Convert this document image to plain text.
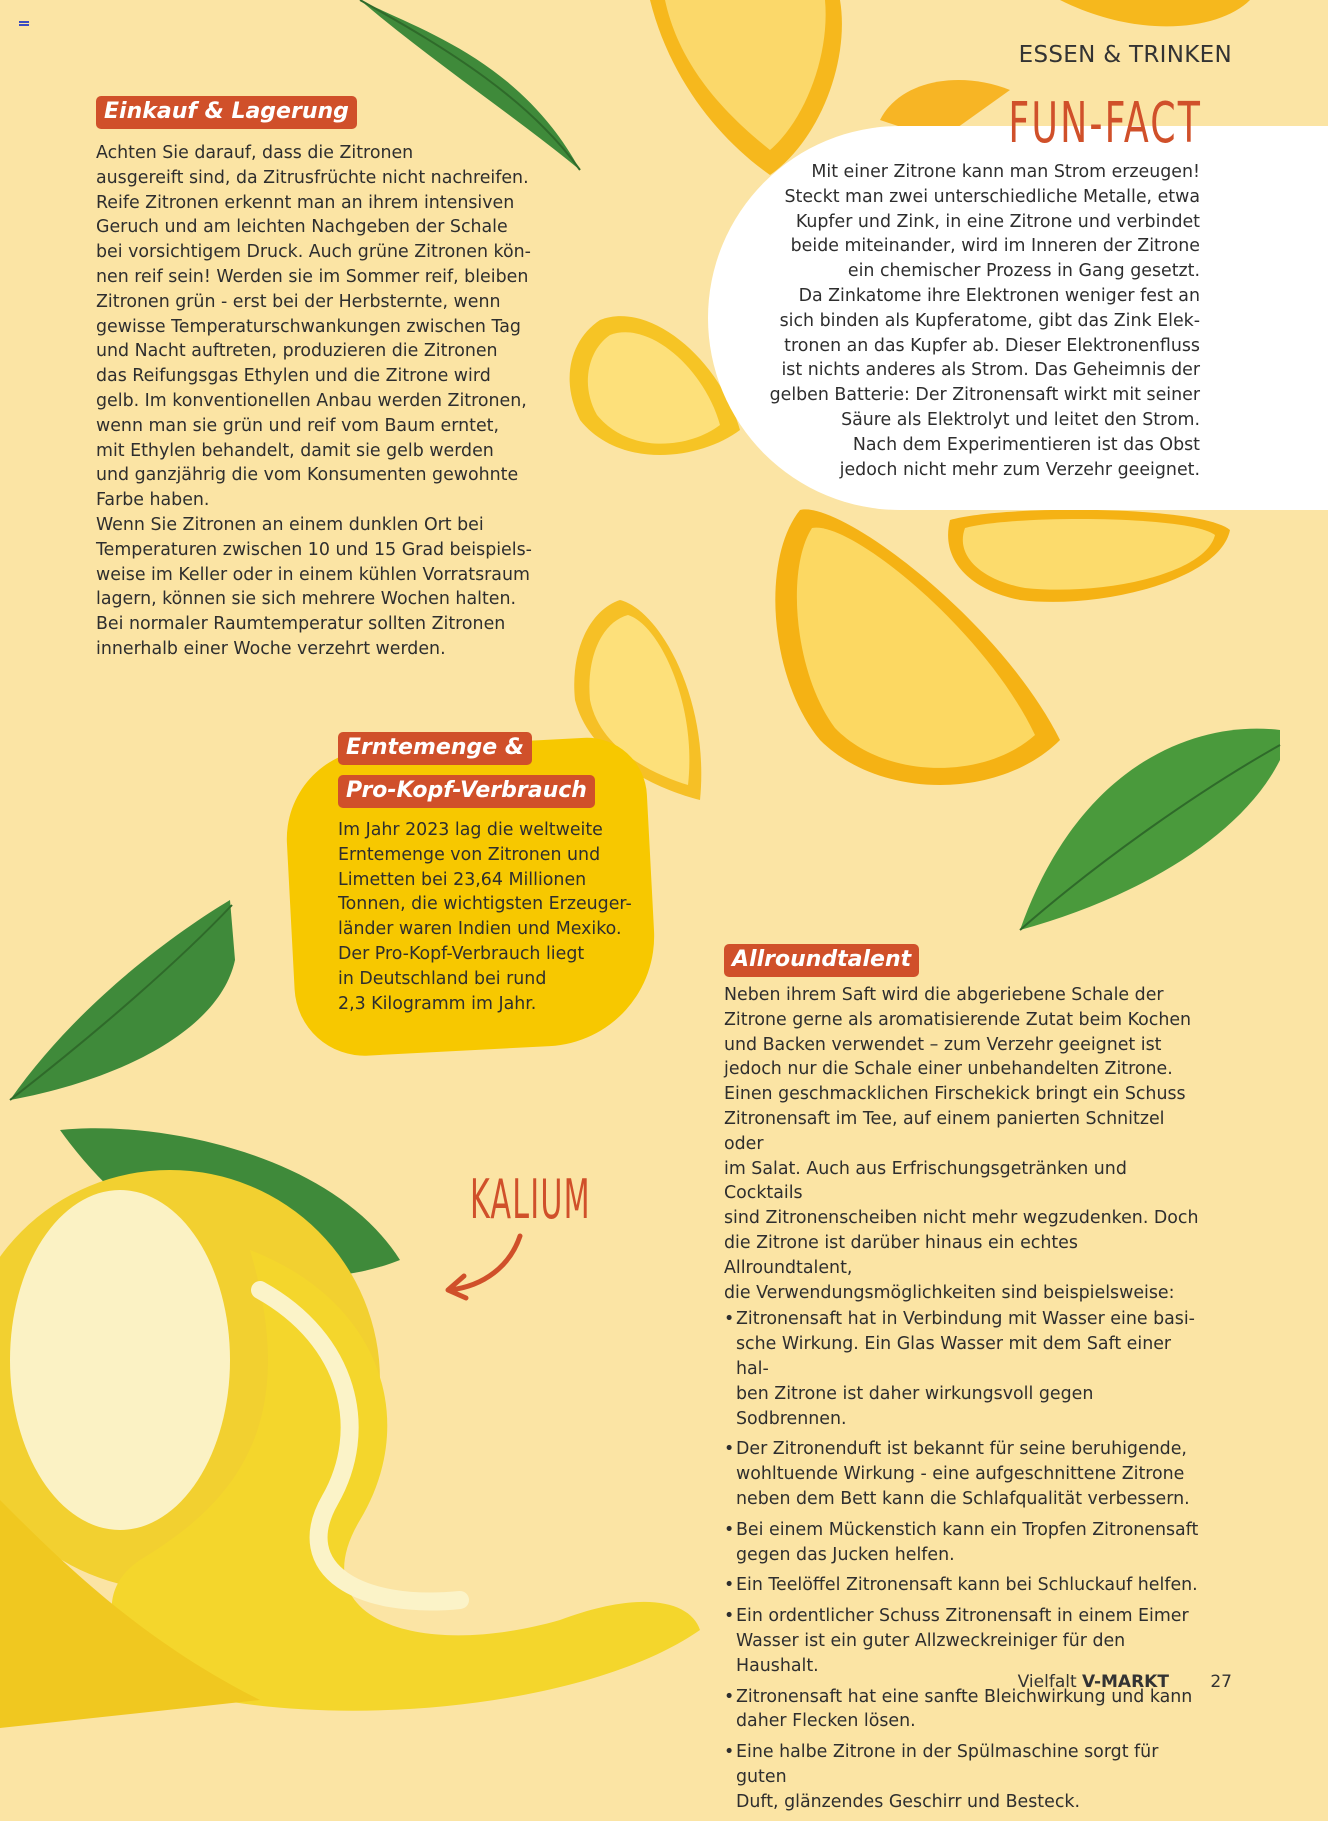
ESSEN & TRINKEN
Einkauf & Lagerung
Achten Sie darauf, dass die Zitronen
ausgereift sind, da Zitrusfrüchte nicht nachreifen.
Reife Zitronen erkennt man an ihrem intensiven
Geruch und am leichten Nachgeben der Schale
bei vorsichtigem Druck. Auch grüne Zitronen kön-
nen reif sein! Werden sie im Sommer reif, bleiben
Zitronen grün - erst bei der Herbsternte, wenn
gewisse Temperaturschwankungen zwischen Tag
und Nacht auftreten, produzieren die Zitronen
das Reifungsgas Ethylen und die Zitrone wird
gelb. Im konventionellen Anbau werden Zitronen,
wenn man sie grün und reif vom Baum erntet,
mit Ethylen behandelt, damit sie gelb werden
und ganzjährig die vom Konsumenten gewohnte
Farbe haben.
Wenn Sie Zitronen an einem dunklen Ort bei
Temperaturen zwischen 10 und 15 Grad beispiels-
weise im Keller oder in einem kühlen Vorratsraum
lagern, können sie sich mehrere Wochen halten.
Bei normaler Raumtemperatur sollten Zitronen
innerhalb einer Woche verzehrt werden.
FUN-FACT
Mit einer Zitrone kann man Strom erzeugen!
Steckt man zwei unterschiedliche Metalle, etwa
Kupfer und Zink, in eine Zitrone und verbindet
beide miteinander, wird im Inneren der Zitrone
ein chemischer Prozess in Gang gesetzt.
Da Zinkatome ihre Elektronen weniger fest an
sich binden als Kupferatome, gibt das Zink Elek-
tronen an das Kupfer ab. Dieser Elektronenfluss
ist nichts anderes als Strom. Das Geheimnis der
gelben Batterie: Der Zitronensaft wirkt mit seiner
Säure als Elektrolyt und leitet den Strom.
Nach dem Experimentieren ist das Obst
jedoch nicht mehr zum Verzehr geeignet.
Erntemenge &
Pro-Kopf-Verbrauch
Im Jahr 2023 lag die weltweite
Erntemenge von Zitronen und
Limetten bei 23,64 Millionen
Tonnen, die wichtigsten Erzeuger-
länder waren Indien und Mexiko.
Der Pro-Kopf-Verbrauch liegt
in Deutschland bei rund
2,3 Kilogramm im Jahr.
KALIUM
Allroundtalent
Neben ihrem Saft wird die abgeriebene Schale der
Zitrone gerne als aromatisierende Zutat beim Kochen
und Backen verwendet – zum Verzehr geeignet ist
jedoch nur die Schale einer unbehandelten Zitrone.
Einen geschmacklichen Firschekick bringt ein Schuss
Zitronensaft im Tee, auf einem panierten Schnitzel oder
im Salat. Auch aus Erfrischungsgetränken und Cocktails
sind Zitronenscheiben nicht mehr wegzudenken. Doch
die Zitrone ist darüber hinaus ein echtes Allroundtalent,
die Verwendungsmöglichkeiten sind beispielsweise:
• Zitronensaft hat in Verbindung mit Wasser eine basi-
sche Wirkung. Ein Glas Wasser mit dem Saft einer hal-
ben Zitrone ist daher wirkungsvoll gegen Sodbrennen.
• Der Zitronenduft ist bekannt für seine beruhigende,
wohltuende Wirkung - eine aufgeschnittene Zitrone
neben dem Bett kann die Schlafqualität verbessern.
• Bei einem Mückenstich kann ein Tropfen Zitronensaft
gegen das Jucken helfen.
• Ein Teelöffel Zitronensaft kann bei Schluckauf helfen.
• Ein ordentlicher Schuss Zitronensaft in einem Eimer
Wasser ist ein guter Allzweckreiniger für den Haushalt.
• Zitronensaft hat eine sanfte Bleichwirkung und kann
daher Flecken lösen.
• Eine halbe Zitrone in der Spülmaschine sorgt für guten
Duft, glänzendes Geschirr und Besteck.
Vielfalt V-MARKT 27
